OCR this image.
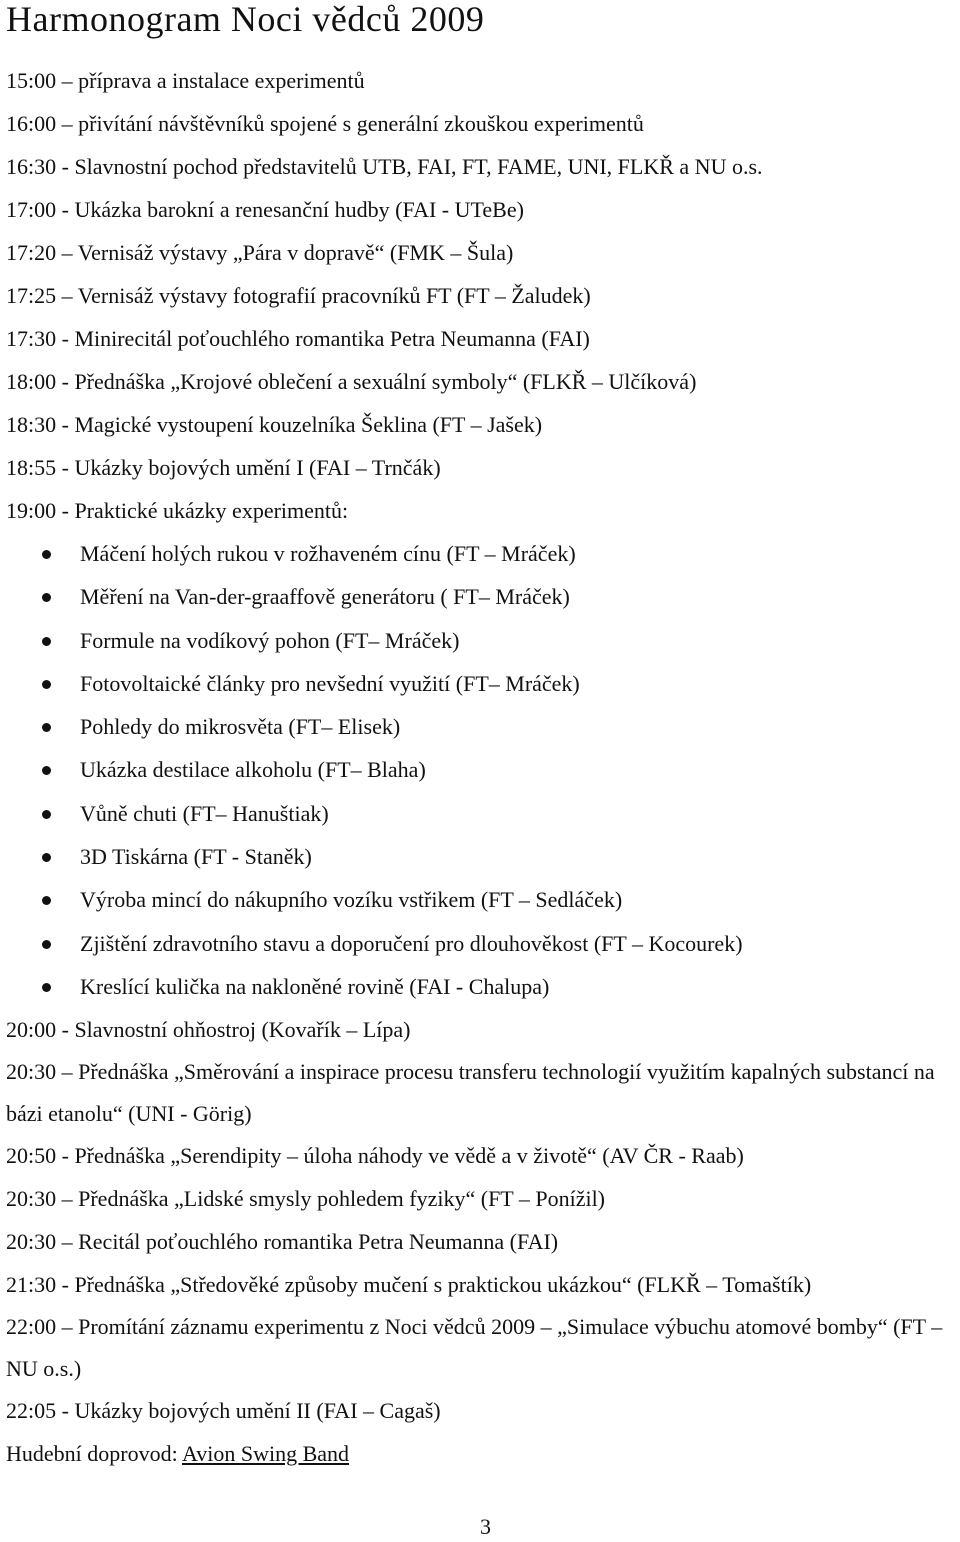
Harmonogram Noci vědců 2009
15:00 – příprava a instalace experimentů
16:00 – přivítání návštěvníků spojené s generální zkouškou experimentů
16:30 - Slavnostní pochod představitelů UTB, FAI, FT, FAME, UNI, FLKŘ a NU o.s.
17:00 - Ukázka barokní a renesanční hudby (FAI - UTeBe)
17:20 – Vernisáž výstavy „Pára v dopravě“ (FMK – Šula)
17:25 – Vernisáž výstavy fotografií pracovníků FT (FT – Žaludek)
17:30 - Minirecitál poťouchlého romantika Petra Neumanna (FAI)
18:00 - Přednáška „Krojové oblečení a sexuální symboly“ (FLKŘ – Ulčíková)
18:30 - Magické vystoupení kouzelníka Šeklina (FT – Jašek)
18:55 - Ukázky bojových umění I (FAI – Trnčák)
19:00 - Praktické ukázky experimentů:
Máčení holých rukou v rožhaveném cínu (FT – Mráček)
Měření na Van-der-graaffově generátoru ( FT– Mráček)
Formule na vodíkový pohon (FT– Mráček)
Fotovoltaické články pro nevšední využití (FT– Mráček)
Pohledy do mikrosvěta (FT– Elisek)
Ukázka destilace alkoholu (FT– Blaha)
Vůně chuti (FT– Hanuštiak)
3D Tiskárna (FT - Staněk)
Výroba mincí do nákupního vozíku vstřikem (FT – Sedláček)
Zjištění zdravotního stavu a doporučení pro dlouhověkost (FT – Kocourek)
Kreslící kulička na nakloněné rovině (FAI - Chalupa)
20:00 - Slavnostní ohňostroj (Kovařík – Lípa)
20:30 – Přednáška „Směrování a inspirace procesu transferu technologií využitím kapalných substancí na bázi etanolu“ (UNI - Görig)
20:50 - Přednáška „Serendipity – úloha náhody ve vědě a v životě“ (AV ČR - Raab)
20:30 – Přednáška „Lidské smysly pohledem fyziky“ (FT – Ponížil)
20:30 – Recitál poťouchlého romantika Petra Neumanna (FAI)
21:30 - Přednáška „Středověké způsoby mučení s praktickou ukázkou“ (FLKŘ – Tomaštík)
22:00 – Promítání záznamu experimentu z Noci vědců 2009 – „Simulace výbuchu atomové bomby“ (FT – NU o.s.)
22:05 - Ukázky bojových umění II (FAI – Cagaš)
Hudební doprovod: Avion Swing Band
3
